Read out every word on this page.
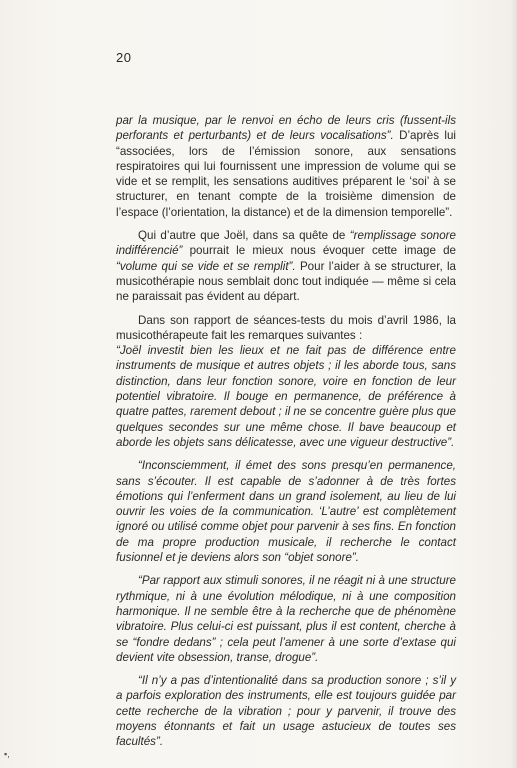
20

par la musique, par le renvoi en écho de leurs cris (fussent-ils perforants et perturbants) et de leurs vocalisations”. D’après lui “associées, lors de l’émission sonore, aux sensations respiratoires qui lui fournissent une impression de volume qui se vide et se remplit, les sensations auditives préparent le ‘soi’ à se structurer, en tenant compte de la troisième dimension de l’espace (l’orientation, la distance) et de la dimension temporelle”.

Qui d’autre que Joël, dans sa quête de “remplissage sonore indifférencié” pourrait le mieux nous évoquer cette image de “volume qui se vide et se remplit”. Pour l’aider à se structurer, la musicothérapie nous semblait donc tout indiquée — même si cela ne paraissait pas évident au départ.

Dans son rapport de séances-tests du mois d’avril 1986, la musicothérapeute fait les remarques suivantes :
“Joël investit bien les lieux et ne fait pas de différence entre instruments de musique et autres objets ; il les aborde tous, sans distinction, dans leur fonction sonore, voire en fonction de leur potentiel vibratoire. Il bouge en permanence, de préférence à quatre pattes, rarement debout ; il ne se concentre guère plus que quelques secondes sur une même chose. Il bave beaucoup et aborde les objets sans délicatesse, avec une vigueur destructive”.

“Inconsciemment, il émet des sons presqu’en permanence, sans s’écouter. Il est capable de s’adonner à de très fortes émotions qui l’enferment dans un grand isolement, au lieu de lui ouvrir les voies de la communication. ‘L’autre’ est complètement ignoré ou utilisé comme objet pour parvenir à ses fins. En fonction de ma propre production musicale, il recherche le contact fusionnel et je deviens alors son “objet sonore”.

“Par rapport aux stimuli sonores, il ne réagit ni à une structure rythmique, ni à une évolution mélodique, ni à une composition harmonique. Il ne semble être à la recherche que de phénomène vibratoire. Plus celui-ci est puissant, plus il est content, cherche à se “fondre dedans” ; cela peut l’amener à une sorte d’extase qui devient vite obsession, transe, drogue”.

“Il n’y a pas d’intentionalité dans sa production sonore ; s’il y a parfois exploration des instruments, elle est toujours guidée par cette recherche de la vibration ; pour y parvenir, il trouve des moyens étonnants et fait un usage astucieux de toutes ses facultés”.

▪,
